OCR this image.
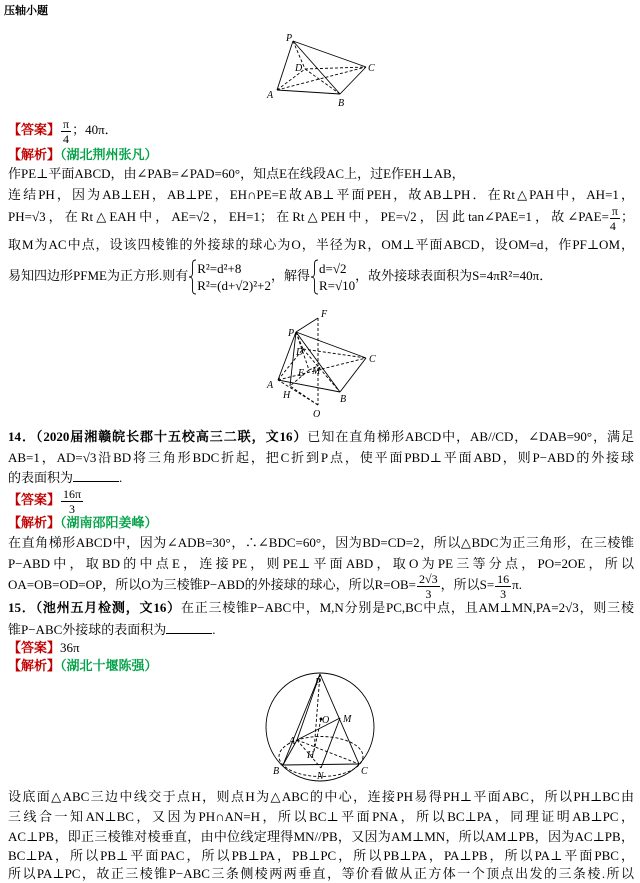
压轴小题
P
D
A
B
C
【答案】 $\frac{\pi}{4}$ ；40π．
【解析】（湖北荆州张凡）
作PE⊥平面ABCD，由∠PAB=∠PAD=60°，知点E在线段AC上，过E作EH⊥AB，
连结PH，因为AB⊥EH，AB⊥PE，EH∩PE=E故AB⊥平面PEH，故AB⊥PH．在Rt△PAH中，AH=1，
PH=√3，在Rt△EAH中，AE=√2，EH=1；在Rt△PEH中，PE=√2，因此tan∠PAE=1，故∠PAE= $\frac{\pi}{4}$ ；
取M为AC中点，设该四棱锥的外接球的球心为O，半径为R，OM⊥平面ABCD，设OM=d，作PF⊥OM，
易知四边形PFME为正方形.则有 R²=d²+8
R²=(d+√2)²+2
，解得 d=√2
R=√10
，故外接球表面积为S=4πR²=40π．
F
P
D
E M
A
H	B
C
O
14．（2020届湘赣皖长郡十五校高三二联，文16）已知在直角梯形ABCD中，AB//CD，∠DAB=90°，满足
AB=1，AD=√3沿BD将三角形BDC折起，把C折到P点，使平面PBD⊥平面ABD，则P−ABD的外接球
的表面积为	.
【答案】 $\frac{16\pi}{3}$
【解析】（湖南邵阳姜峰）
在直角梯形ABCD中，因为∠ADB=30°，∴∠BDC=60°，因为BD=CD=2，所以△BDC为正三角形，在三棱锥
P−ABD中，取BD的中点E，连接PE，则PE⊥平面ABD，取O为PE三等分点，PO=2OE，所以
OA=OB=OD=OP，所以O为三棱锥P−ABD的外接球的球心，所以$R=OB= \frac{2√3}{3}$ ，所以$S= \frac{16}{3} \pi$.
15．（池州五月检测，文16）在正三棱锥P−ABC中，M,N分别是PC,BC中点，且AM⊥MN,PA=2√3，则三棱
锥P−ABC外接球的表面积为	.
【答案】36π
【解析】（湖北十堰陈强）
P
O M
A
H
B	N	C
设底面△ABC三边中线交于点H，则点H为△ABC的中心，连接PH易得PH⊥平面ABC，所以PH⊥BC由
三线合一知AN⊥BC，又因为PH∩AN=H，所以BC⊥平面PNA，所以BC⊥PA，同理证明AB⊥PC，
AC⊥PB，即正三棱锥对棱垂直，由中位线定理得MN//PB，又因为AM⊥MN，所以AM⊥PB，因为AC⊥PB，
BC⊥PA，所以PB⊥平面PAC，所以PB⊥PA，PB⊥PC，所以PB⊥PA，PA⊥PB，所以PA⊥平面PBC，
所以PA⊥PC，故正三棱锥P−ABC三条侧棱两两垂直，等价看做从正方体一个顶点出发的三条棱.所以
